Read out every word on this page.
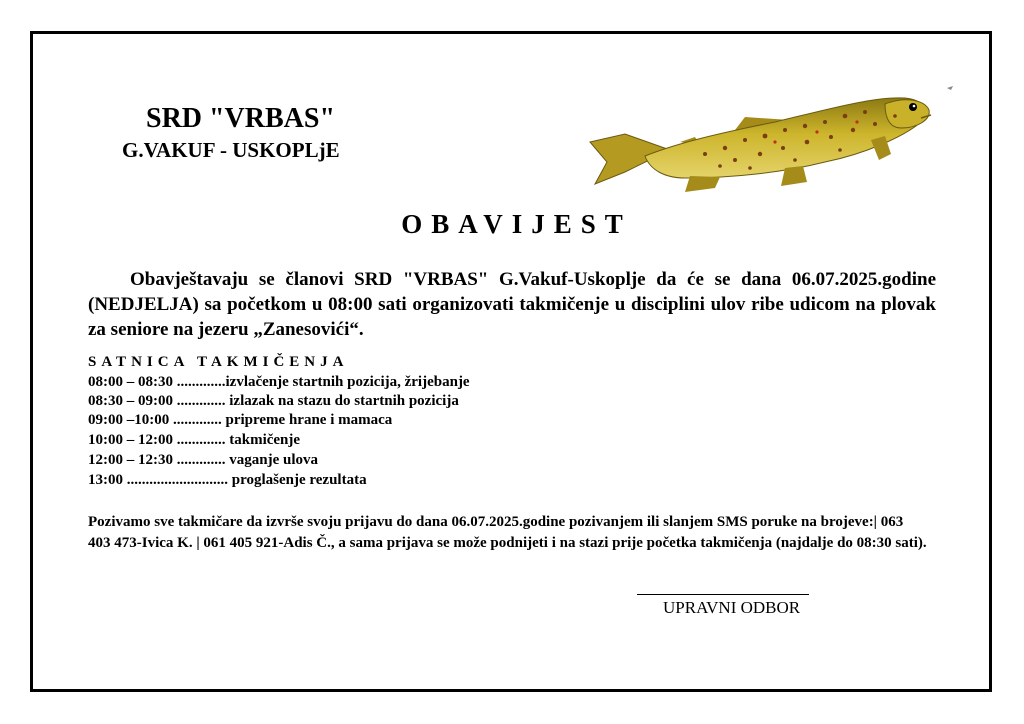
SRD "VRBAS"
G.VAKUF - USKOPLjE
OBAVIJEST
Obavještavaju se članovi SRD "VRBAS" G.Vakuf-Uskoplje da će se dana 06.07.2025.godine (NEDJELJA) sa početkom u 08:00 sati organizovati takmičenje u disciplini ulov ribe udicom na plovak za seniore na jezeru „Zanesovići“.
SATNICA TAKMIČENJA
08:00 – 08:30 .............izvlačenje startnih pozicija, žrijebanje
08:30 – 09:00 ............. izlazak na stazu do startnih pozicija
09:00 –10:00 ............. pripreme hrane i mamaca
10:00 – 12:00 ............. takmičenje
12:00 – 12:30 ............. vaganje ulova
13:00 ........................... proglašenje rezultata
Pozivamo sve takmičare da izvrše svoju prijavu do dana 06.07.2025.godine pozivanjem ili slanjem SMS poruke na brojeve:| 063 403 473-Ivica K. | 061 405 921-Adis Č., a sama prijava se može podnijeti i na stazi prije početka takmičenja (najdalje do 08:30 sati).
UPRAVNI ODBOR
